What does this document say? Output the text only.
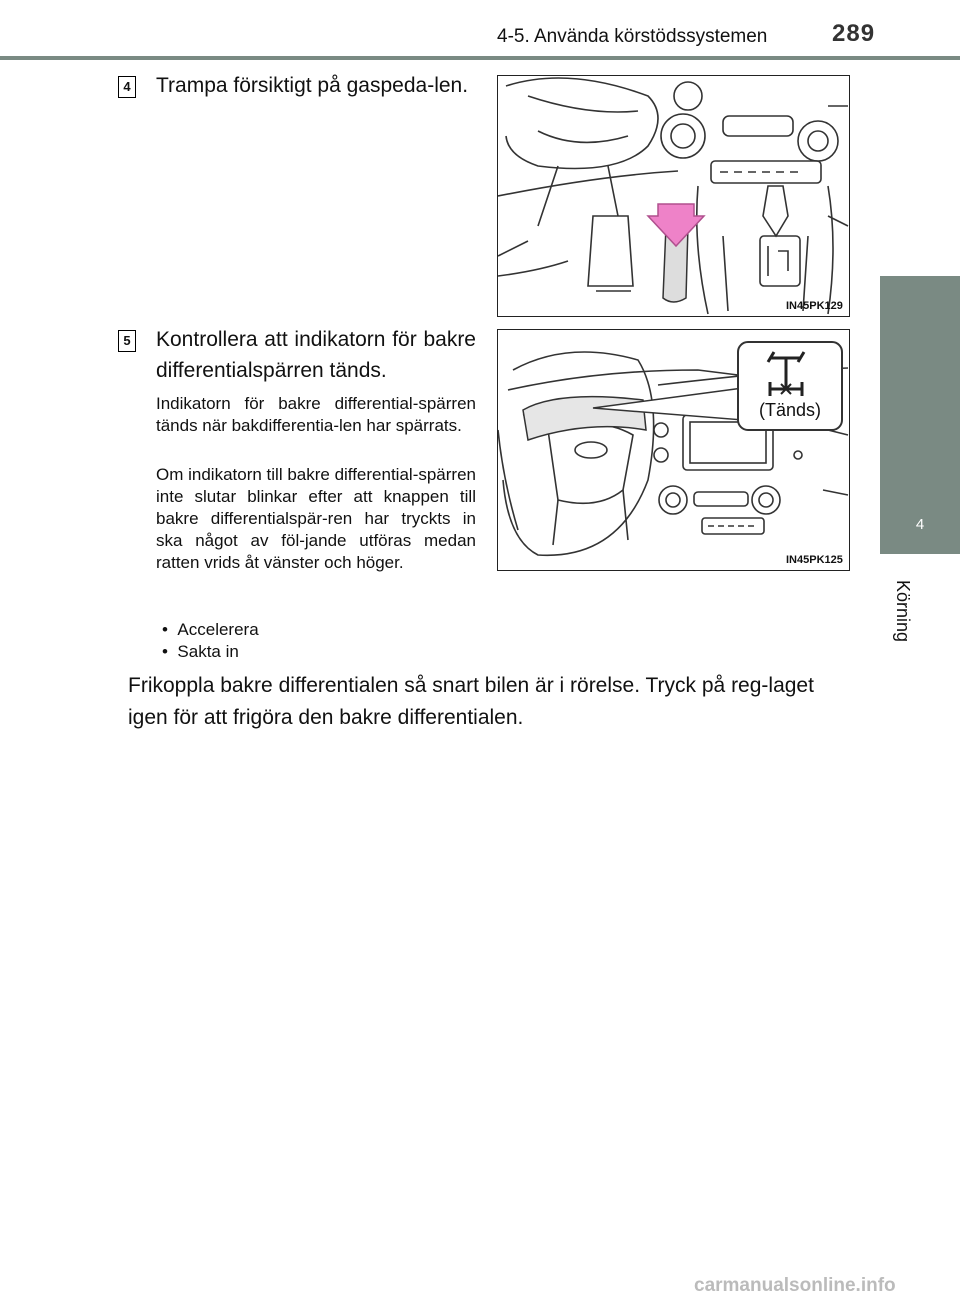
4-5. Använda körstödssystemen	289
4
Körning
4 Trampa försiktigt på gaspeda-len.
IN45PK129
5 Kontrollera att indikatorn för bakre differentialspärren tänds.
Indikatorn för bakre differential-spärren tänds när bakdifferentia-len har spärrats.
Om indikatorn till bakre differential-spärren inte slutar blinkar efter att knappen till bakre differentialspär-ren har tryckts in ska något av föl-jande utföras medan ratten vrids åt vänster och höger.
•  Accelerera
•  Sakta in
(Tänds)
IN45PK125
Frikoppla bakre differentialen så snart bilen är i rörelse. Tryck på reg-laget igen för att frigöra den bakre differentialen.
carmanualsonline.info
